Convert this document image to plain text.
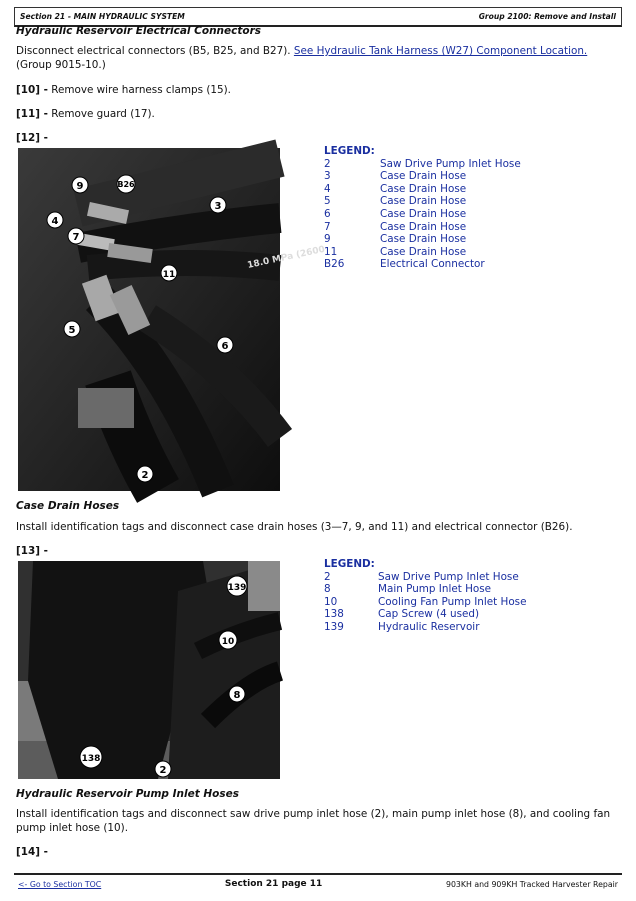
Section 21 - MAIN HYDRAULIC SYSTEM	Group 2100: Remove and Install
Hydraulic Reservoir Electrical Connectors
Disconnect electrical connectors (B5, B25, and B27). See Hydraulic Tank Harness (W27) Component Location. (Group 9015-10.)
[10] - Remove wire harness clamps (15).
[11] - Remove guard (17).
[12] -
18.0 MPa (2600
9	B26
4
7
3
11
5
6
2
LEGEND:
2	Saw Drive Pump Inlet Hose
3	Case Drain Hose
4	Case Drain Hose
5	Case Drain Hose
6	Case Drain Hose
7	Case Drain Hose
9	Case Drain Hose
11	Case Drain Hose
B26	Electrical Connector
Case Drain Hoses
Install identification tags and disconnect case drain hoses (3—7, 9, and 11) and electrical connector (B26).
[13] -
139
10
8
138
2
LEGEND:
2	Saw Drive Pump Inlet Hose
8	Main Pump Inlet Hose
10	Cooling Fan Pump Inlet Hose
138	Cap Screw (4 used)
139	Hydraulic Reservoir
Hydraulic Reservoir Pump Inlet Hoses
Install identification tags and disconnect saw drive pump inlet hose (2), main pump inlet hose (8), and cooling fan pump inlet hose (10).
[14] -
<- Go to Section TOC	Section 21 page 11	903KH and 909KH Tracked Harvester Repair
